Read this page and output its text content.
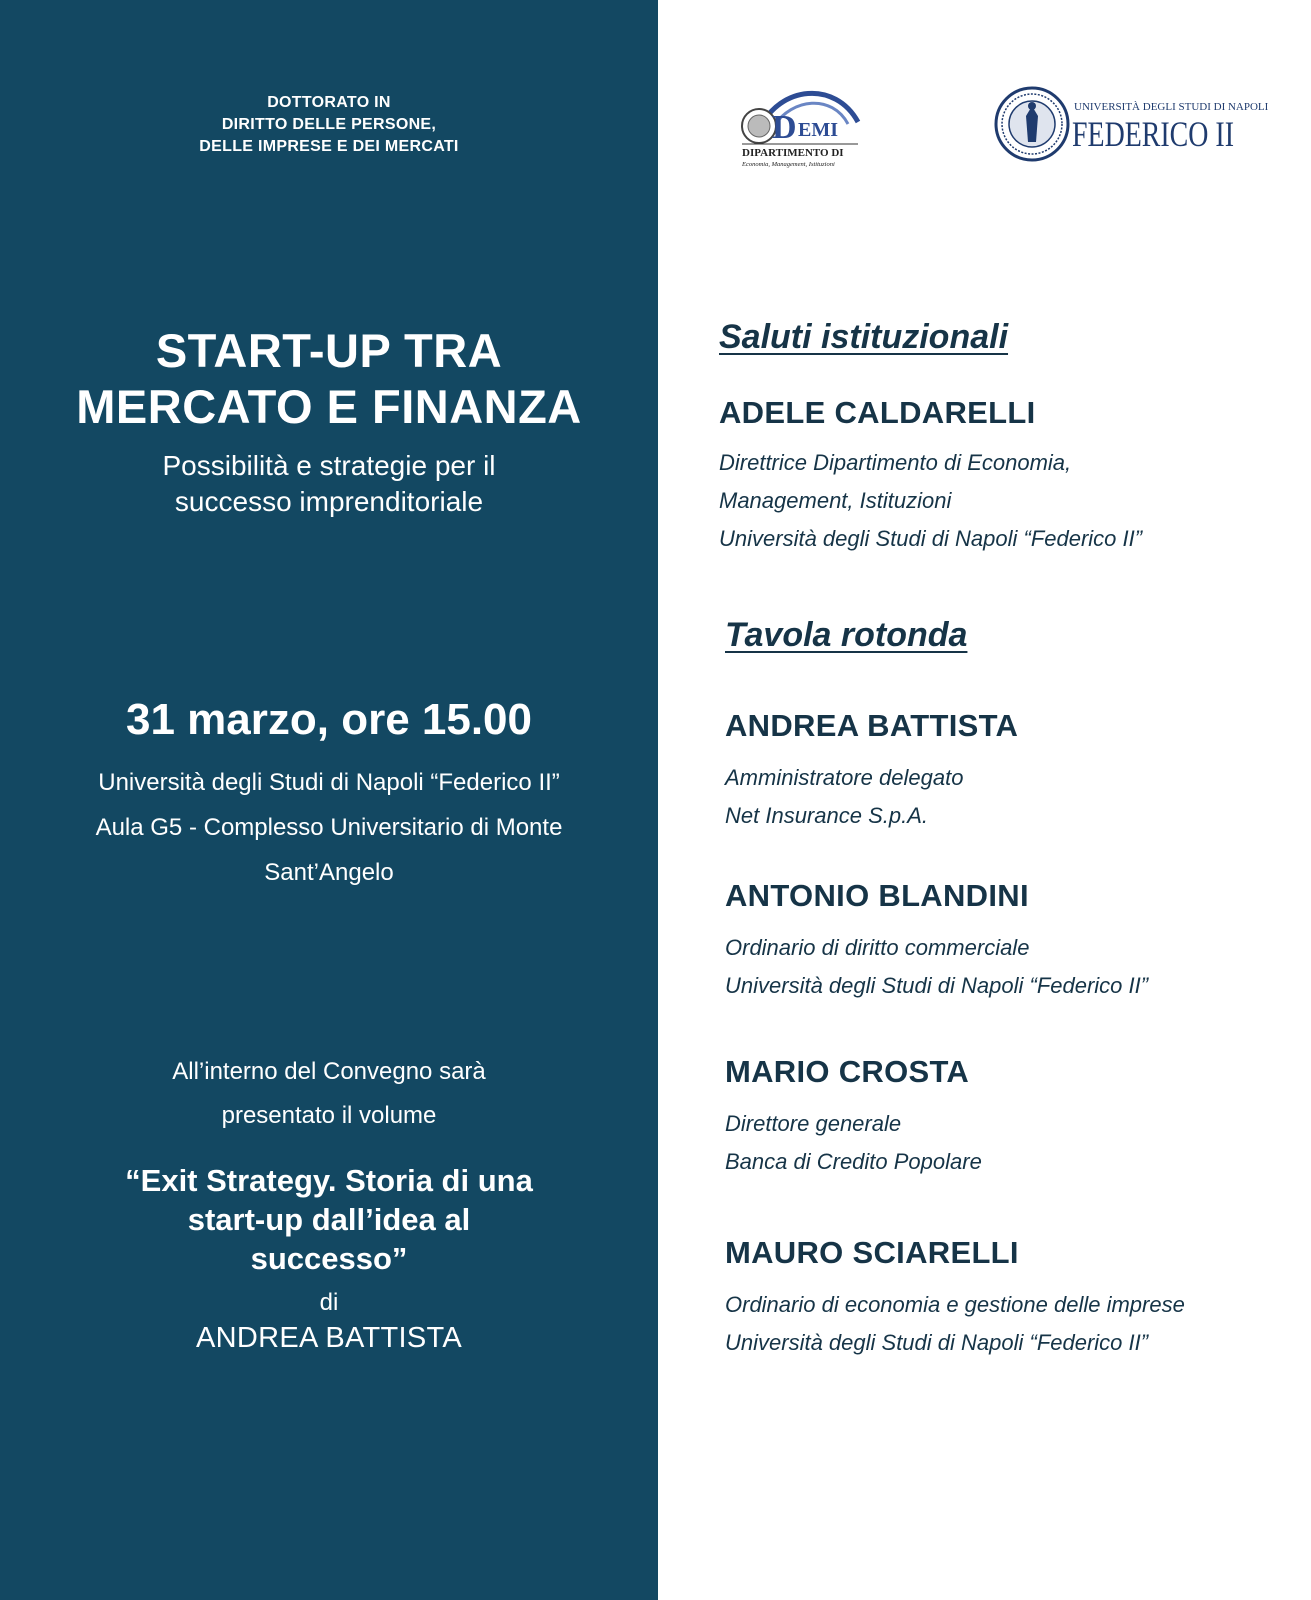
DOTTORATO IN
DIRITTO DELLE PERSONE,
DELLE IMPRESE E DEI MERCATI
START-UP TRA
MERCATO E FINANZA
Possibilità e strategie per il
successo imprenditoriale
31 marzo, ore 15.00
Università degli Studi di Napoli “Federico II”
Aula G5 - Complesso Universitario di Monte
Sant’Angelo
All’interno del Convegno sarà
presentato il volume
“Exit Strategy. Storia di una
start-up dall’idea al
successo”
di
ANDREA BATTISTA
D EMI
DIPARTIMENTO DI
Economia, Management, Istituzioni
UNIVERSITÀ DEGLI STUDI DI NAPOLI
FEDERICO II
Saluti istituzionali
ADELE CALDARELLI
Direttrice Dipartimento di Economia,
Management, Istituzioni
Università degli Studi di Napoli “Federico II”
Tavola rotonda
ANDREA BATTISTA
Amministratore delegato
Net Insurance S.p.A.
ANTONIO BLANDINI
Ordinario di diritto commerciale
Università degli Studi di Napoli “Federico II”
MARIO CROSTA
Direttore generale
Banca di Credito Popolare
MAURO SCIARELLI
Ordinario di economia e gestione delle imprese
Università degli Studi di Napoli “Federico II”
